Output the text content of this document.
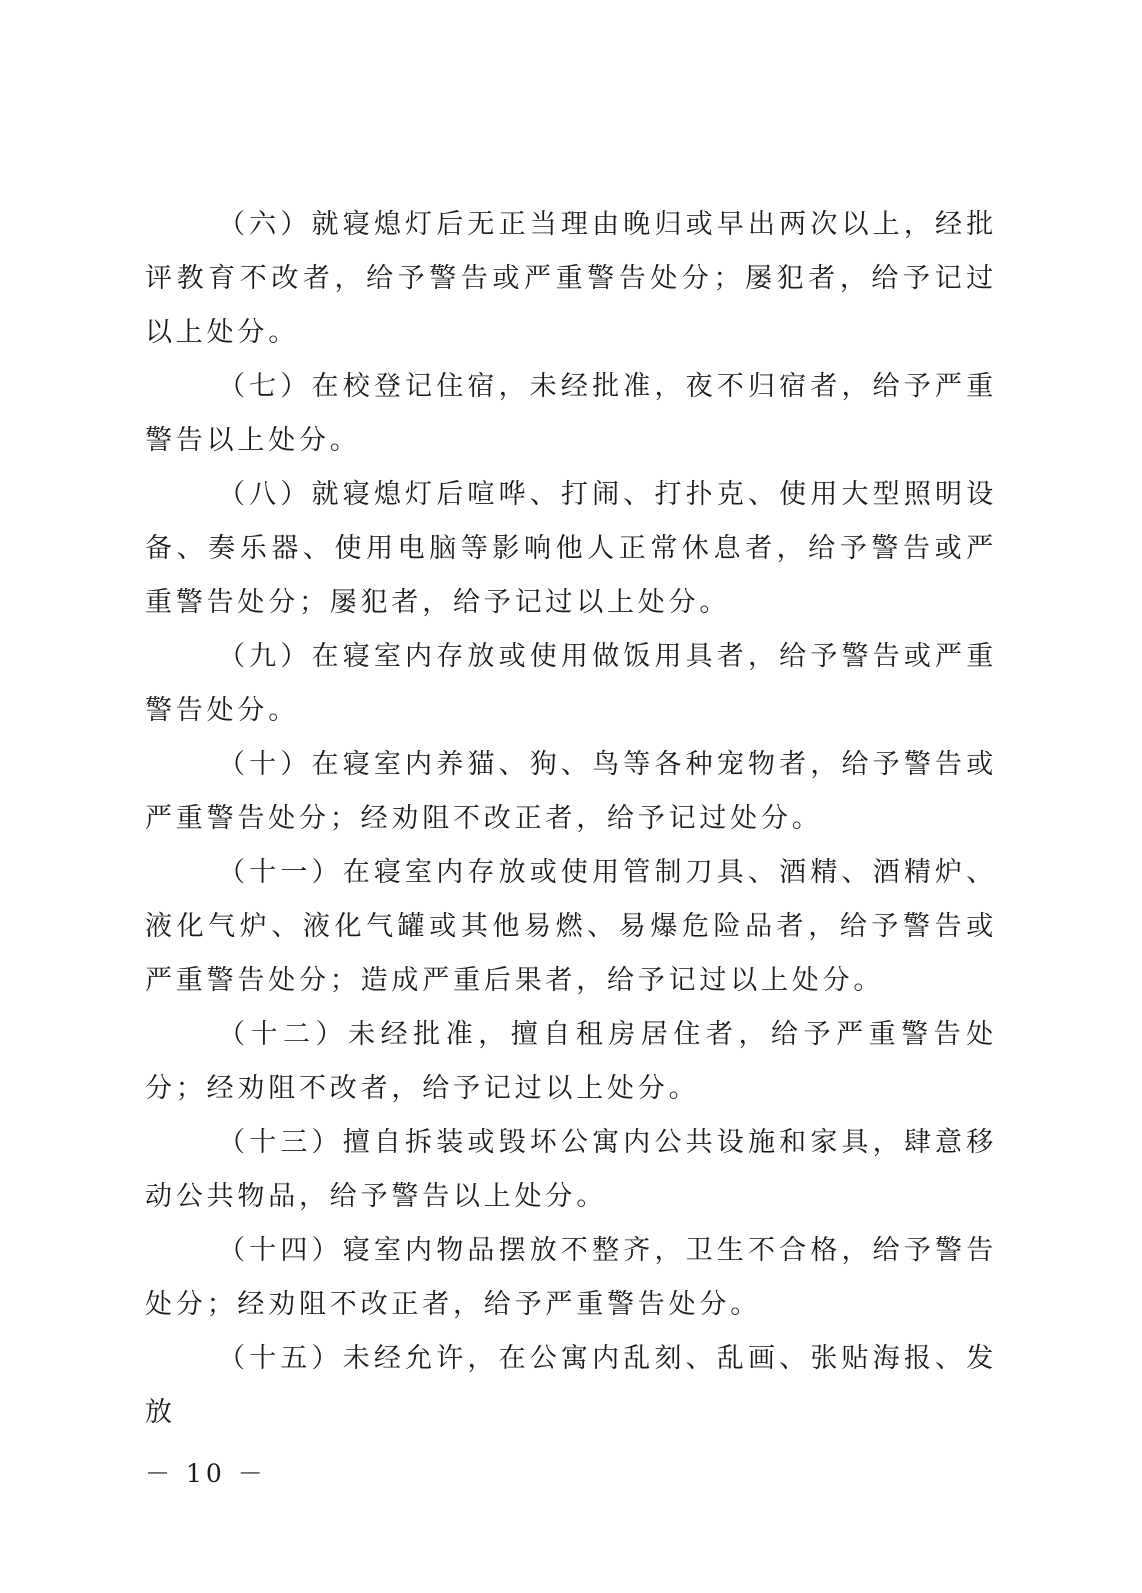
（六）就寝熄灯后无正当理由晚归或早出两次以上，经批评教育不改者，给予警告或严重警告处分；屡犯者，给予记过以上处分。

（七）在校登记住宿，未经批准，夜不归宿者，给予严重警告以上处分。

（八）就寝熄灯后喧哗、打闹、打扑克、使用大型照明设备、奏乐器、使用电脑等影响他人正常休息者，给予警告或严重警告处分；屡犯者，给予记过以上处分。

（九）在寝室内存放或使用做饭用具者，给予警告或严重警告处分。

（十）在寝室内养猫、狗、鸟等各种宠物者，给予警告或严重警告处分；经劝阻不改正者，给予记过处分。

（十一）在寝室内存放或使用管制刀具、酒精、酒精炉、液化气炉、液化气罐或其他易燃、易爆危险品者，给予警告或严重警告处分；造成严重后果者，给予记过以上处分。

（十二）未经批准，擅自租房居住者，给予严重警告处分；经劝阻不改者，给予记过以上处分。

（十三）擅自拆装或毁坏公寓内公共设施和家具，肆意移动公共物品，给予警告以上处分。

（十四）寝室内物品摆放不整齐，卫生不合格，给予警告处分；经劝阻不改正者，给予严重警告处分。

（十五）未经允许，在公寓内乱刻、乱画、张贴海报、发放

－ 10 －
